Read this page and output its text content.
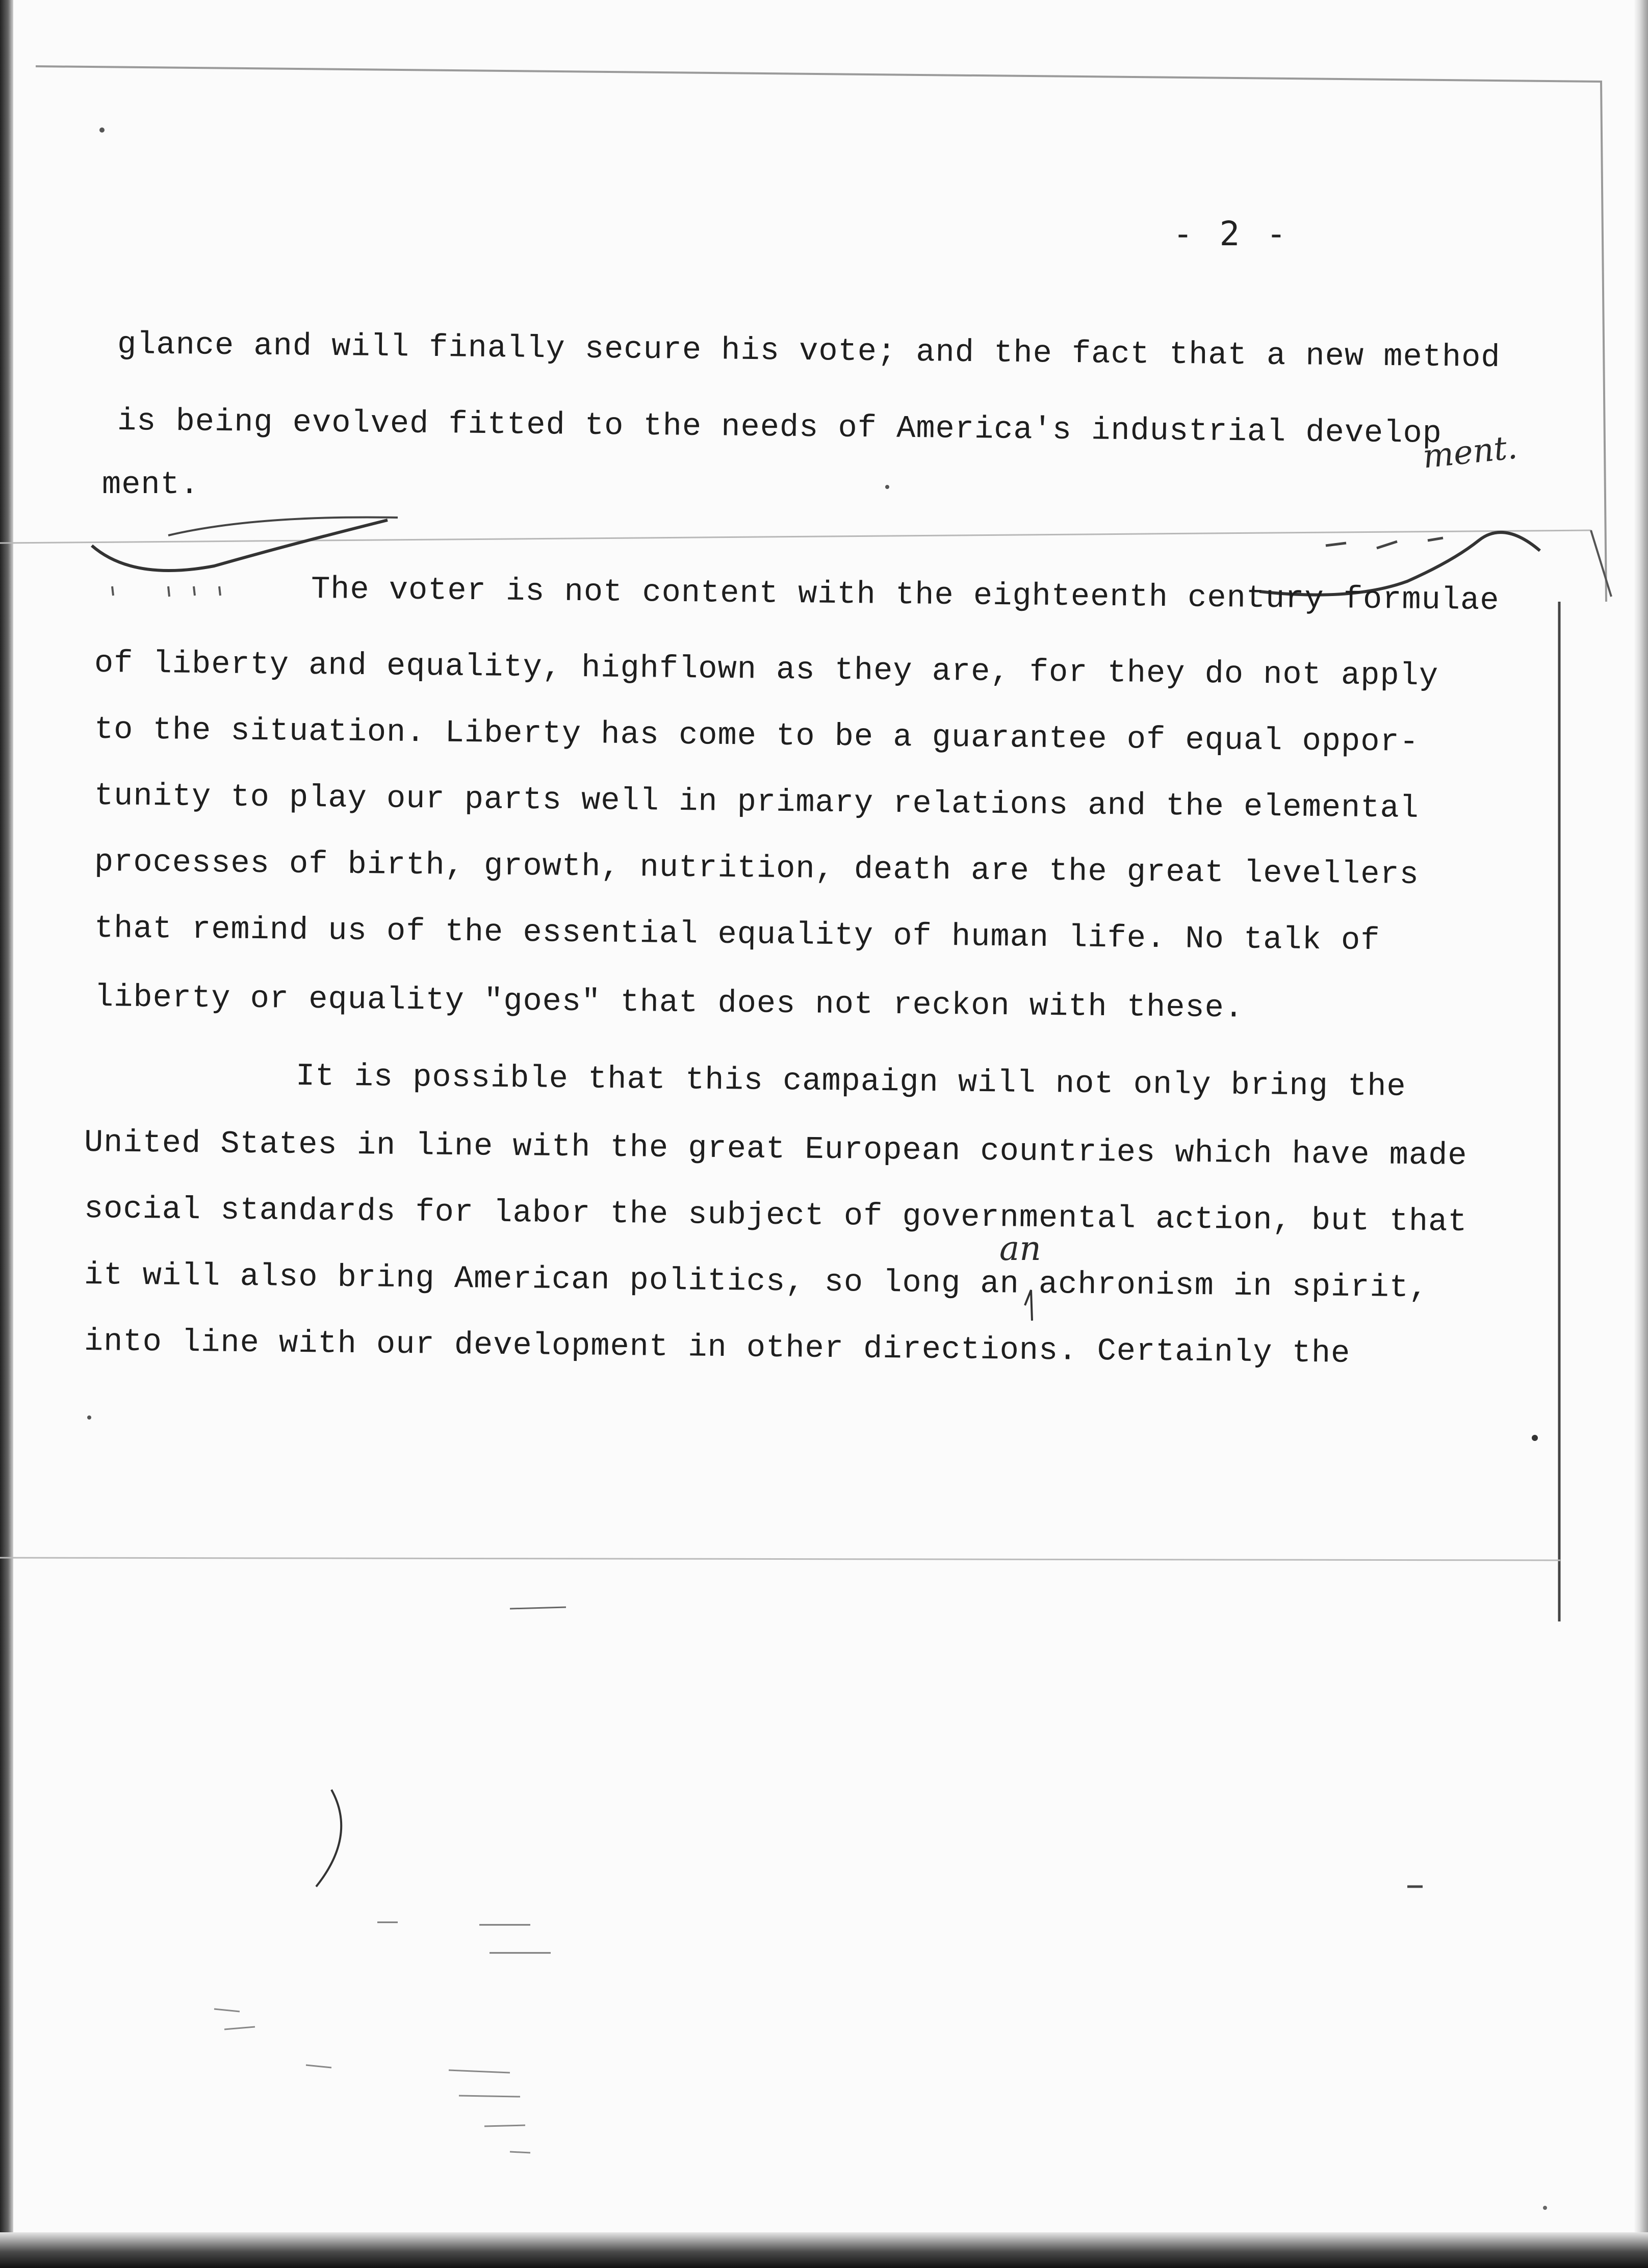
- 2 -
glance and will finally secure his vote; and the fact that a new method
is being evolved fitted to the needs of America's industrial develop
ment.
The voter is not content with the eighteenth century formulae
of liberty and equality, highflown as they are, for they do not apply
to the situation. Liberty has come to be a guarantee of equal oppor-
tunity to play our parts well in primary relations and the elemental
processes of birth, growth, nutrition, death are the great levellers
that remind us of the essential equality of human life. No talk of
liberty or equality "goes" that does not reckon with these.
It is possible that this campaign will not only bring the
United States in line with the great European countries which have made
social standards for labor the subject of governmental action, but that
it will also bring American politics, so long an achronism in spirit,
into line with our development in other directions. Certainly the
ment.
an
